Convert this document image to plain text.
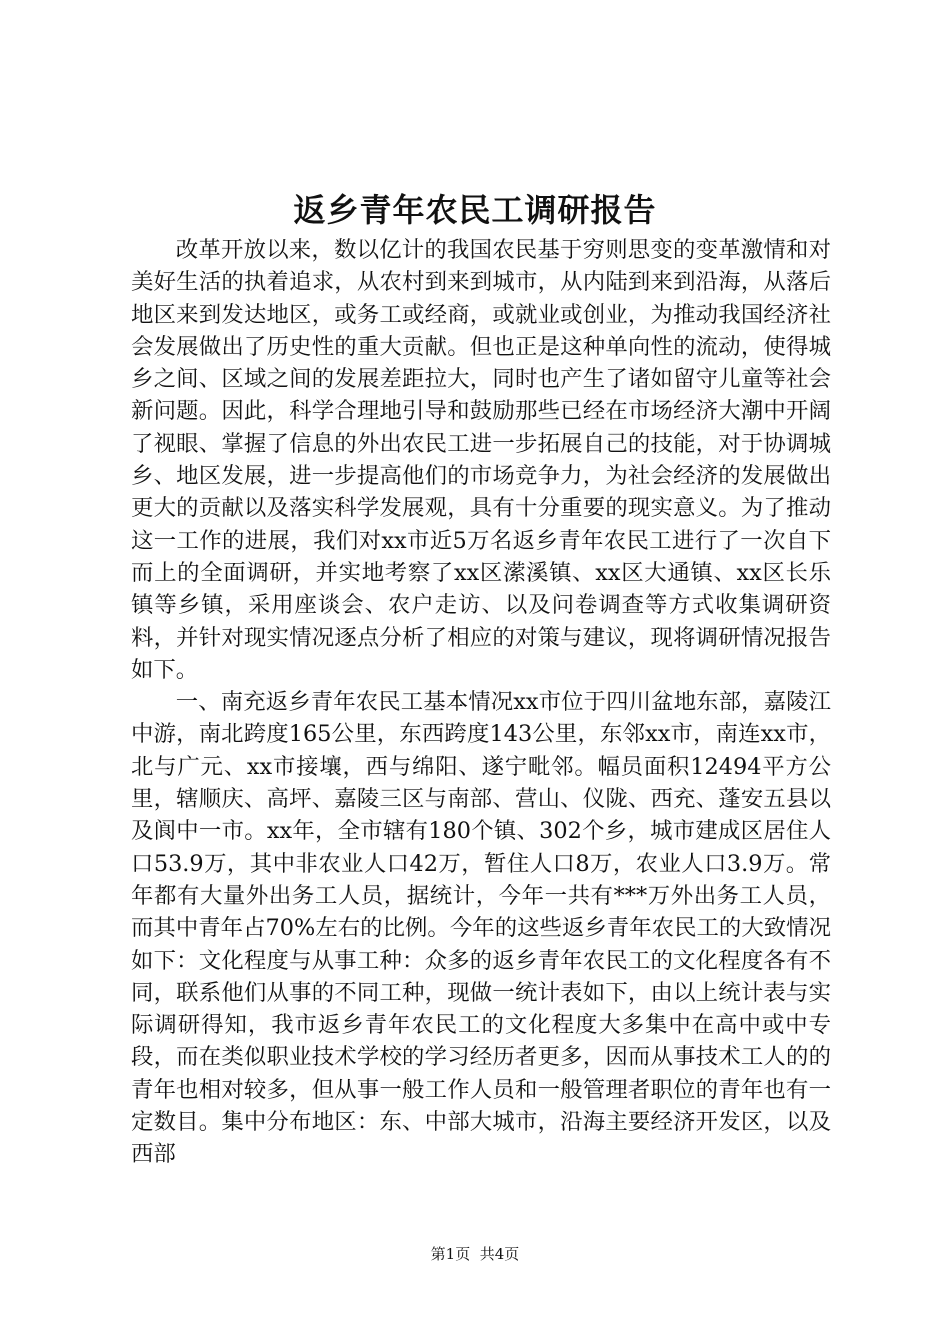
返乡青年农民工调研报告

改革开放以来，数以亿计的我国农民基于穷则思变的变革激情和对美好生活的执着追求，从农村到来到城市，从内陆到来到沿海，从落后地区来到发达地区，或务工或经商，或就业或创业，为推动我国经济社会发展做出了历史性的重大贡献。但也正是这种单向性的流动，使得城乡之间、区域之间的发展差距拉大，同时也产生了诸如留守儿童等社会新问题。因此，科学合理地引导和鼓励那些已经在市场经济大潮中开阔了视眼、掌握了信息的外出农民工进一步拓展自己的技能，对于协调城乡、地区发展，进一步提高他们的市场竞争力，为社会经济的发展做出更大的贡献以及落实科学发展观，具有十分重要的现实意义。为了推动这一工作的进展，我们对xx市近5万名返乡青年农民工进行了一次自下而上的全面调研，并实地考察了xx区潆溪镇、xx区大通镇、xx区长乐镇等乡镇，采用座谈会、农户走访、以及问卷调查等方式收集调研资料，并针对现实情况逐点分析了相应的对策与建议，现将调研情况报告如下。

一、南充返乡青年农民工基本情况xx市位于四川盆地东部，嘉陵江中游，南北跨度165公里，东西跨度143公里，东邻xx市，南连xx市，北与广元、xx市接壤，西与绵阳、遂宁毗邻。幅员面积12494平方公里，辖顺庆、高坪、嘉陵三区与南部、营山、仪陇、西充、蓬安五县以及阆中一市。xx年，全市辖有180个镇、302个乡，城市建成区居住人口53.9万，其中非农业人口42万，暂住人口8万，农业人口3.9万。常年都有大量外出务工人员，据统计，今年一共有***万外出务工人员，而其中青年占70%左右的比例。今年的这些返乡青年农民工的大致情况如下：文化程度与从事工种：众多的返乡青年农民工的文化程度各有不同，联系他们从事的不同工种，现做一统计表如下，由以上统计表与实际调研得知，我市返乡青年农民工的文化程度大多集中在高中或中专段，而在类似职业技术学校的学习经历者更多，因而从事技术工人的的青年也相对较多，但从事一般工作人员和一般管理者职位的青年也有一定数目。集中分布地区：东、中部大城市，沿海主要经济开发区，以及西部

第1页 共4页
